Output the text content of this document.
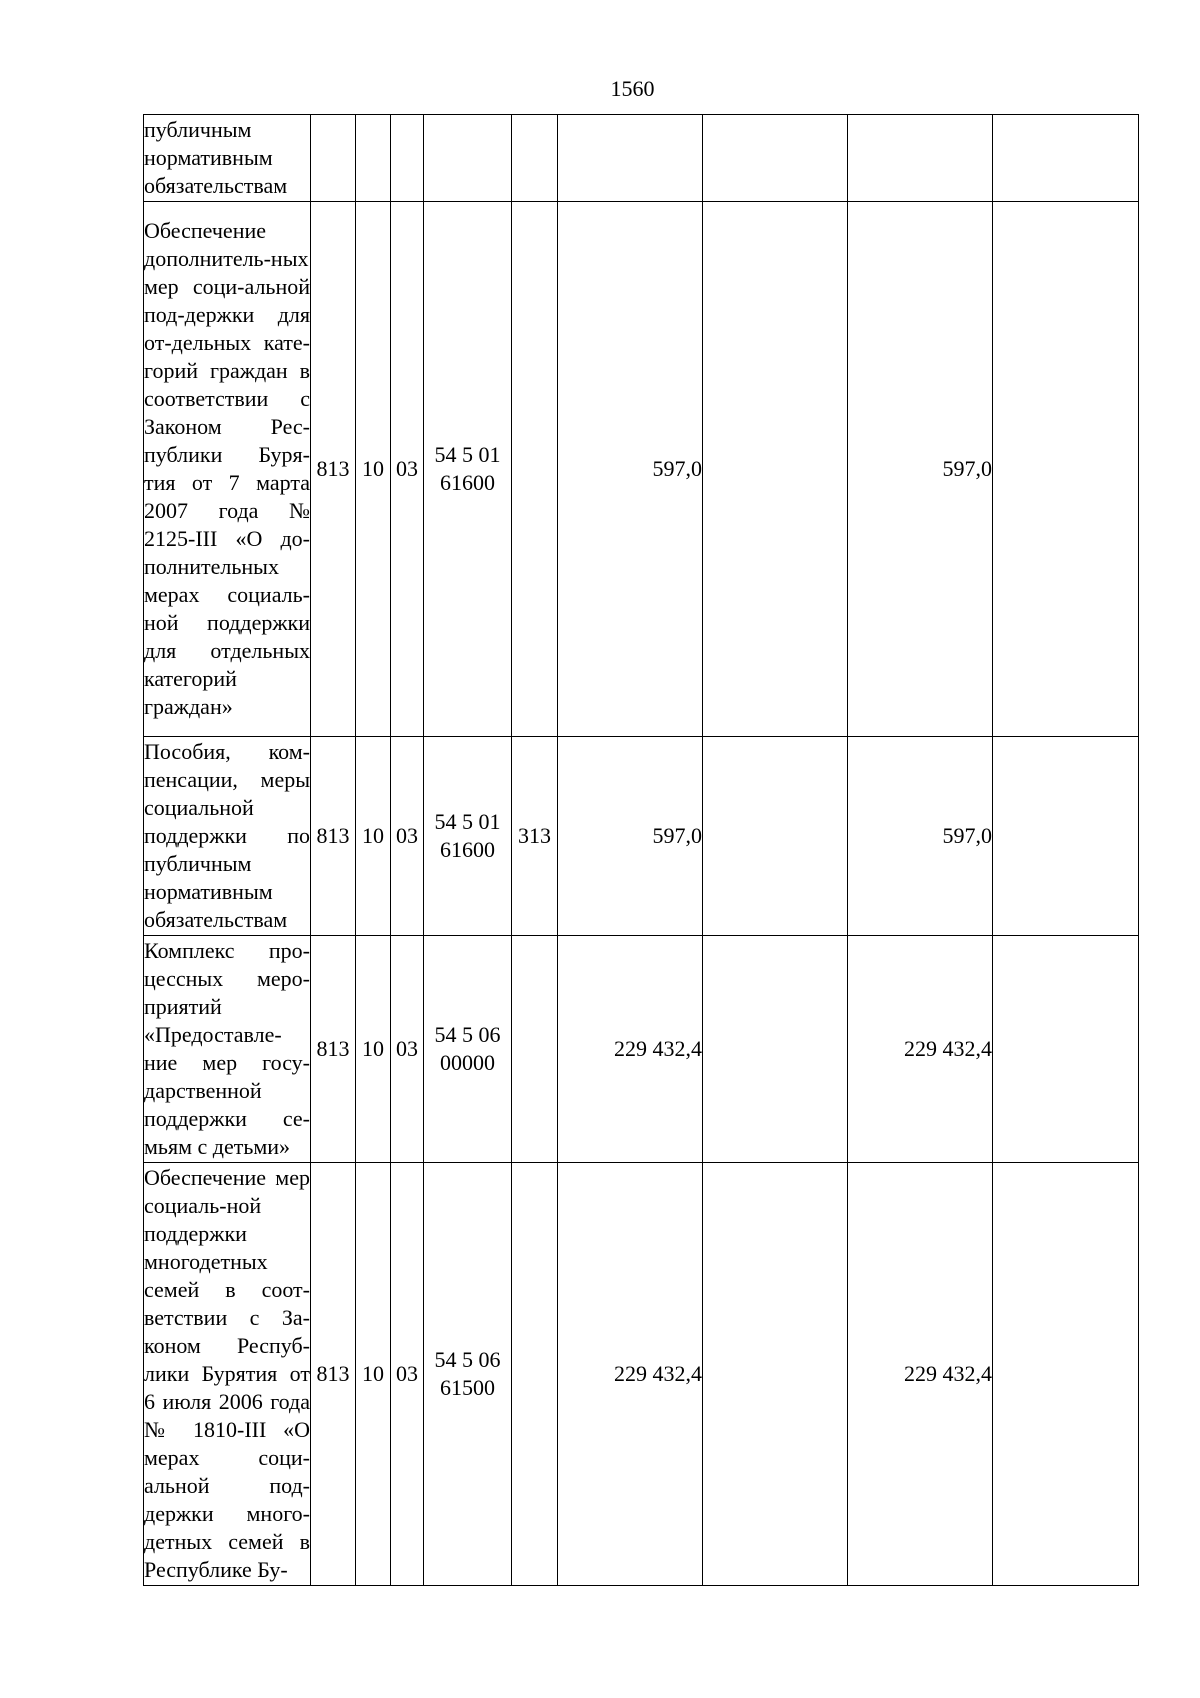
1560
публичным нормативным обязательствам									
Обеспечение дополнитель-ных мер соци-альной под-держки для от-дельных кате-горий граждан в соответствии с Законом Рес-публики Буря-тия от 7 марта 2007 года № 2125-III «О до-полнительных мерах социаль-ной поддержки для отдельных категорий граждан»	813	10	03	54 5 01 61600		597,0		597,0	
Пособия, ком-пенсации, меры социальной поддержки по публичным нормативным обязательствам	813	10	03	54 5 01 61600	313	597,0		597,0	
Комплекс про-цессных меро-приятий «Предоставле-ние мер госу-дарственной поддержки се-мьям с детьми»	813	10	03	54 5 06 00000		229 432,4		229 432,4	
Обеспечение мер социаль-ной поддержки многодетных семей в соот-ветствии с За-коном Респуб-лики Бурятия от 6 июля 2006 года № 1810-III «О мерах соци-альной под-держки много-детных семей в Республике Бу-	813	10	03	54 5 06 61500		229 432,4		229 432,4	
